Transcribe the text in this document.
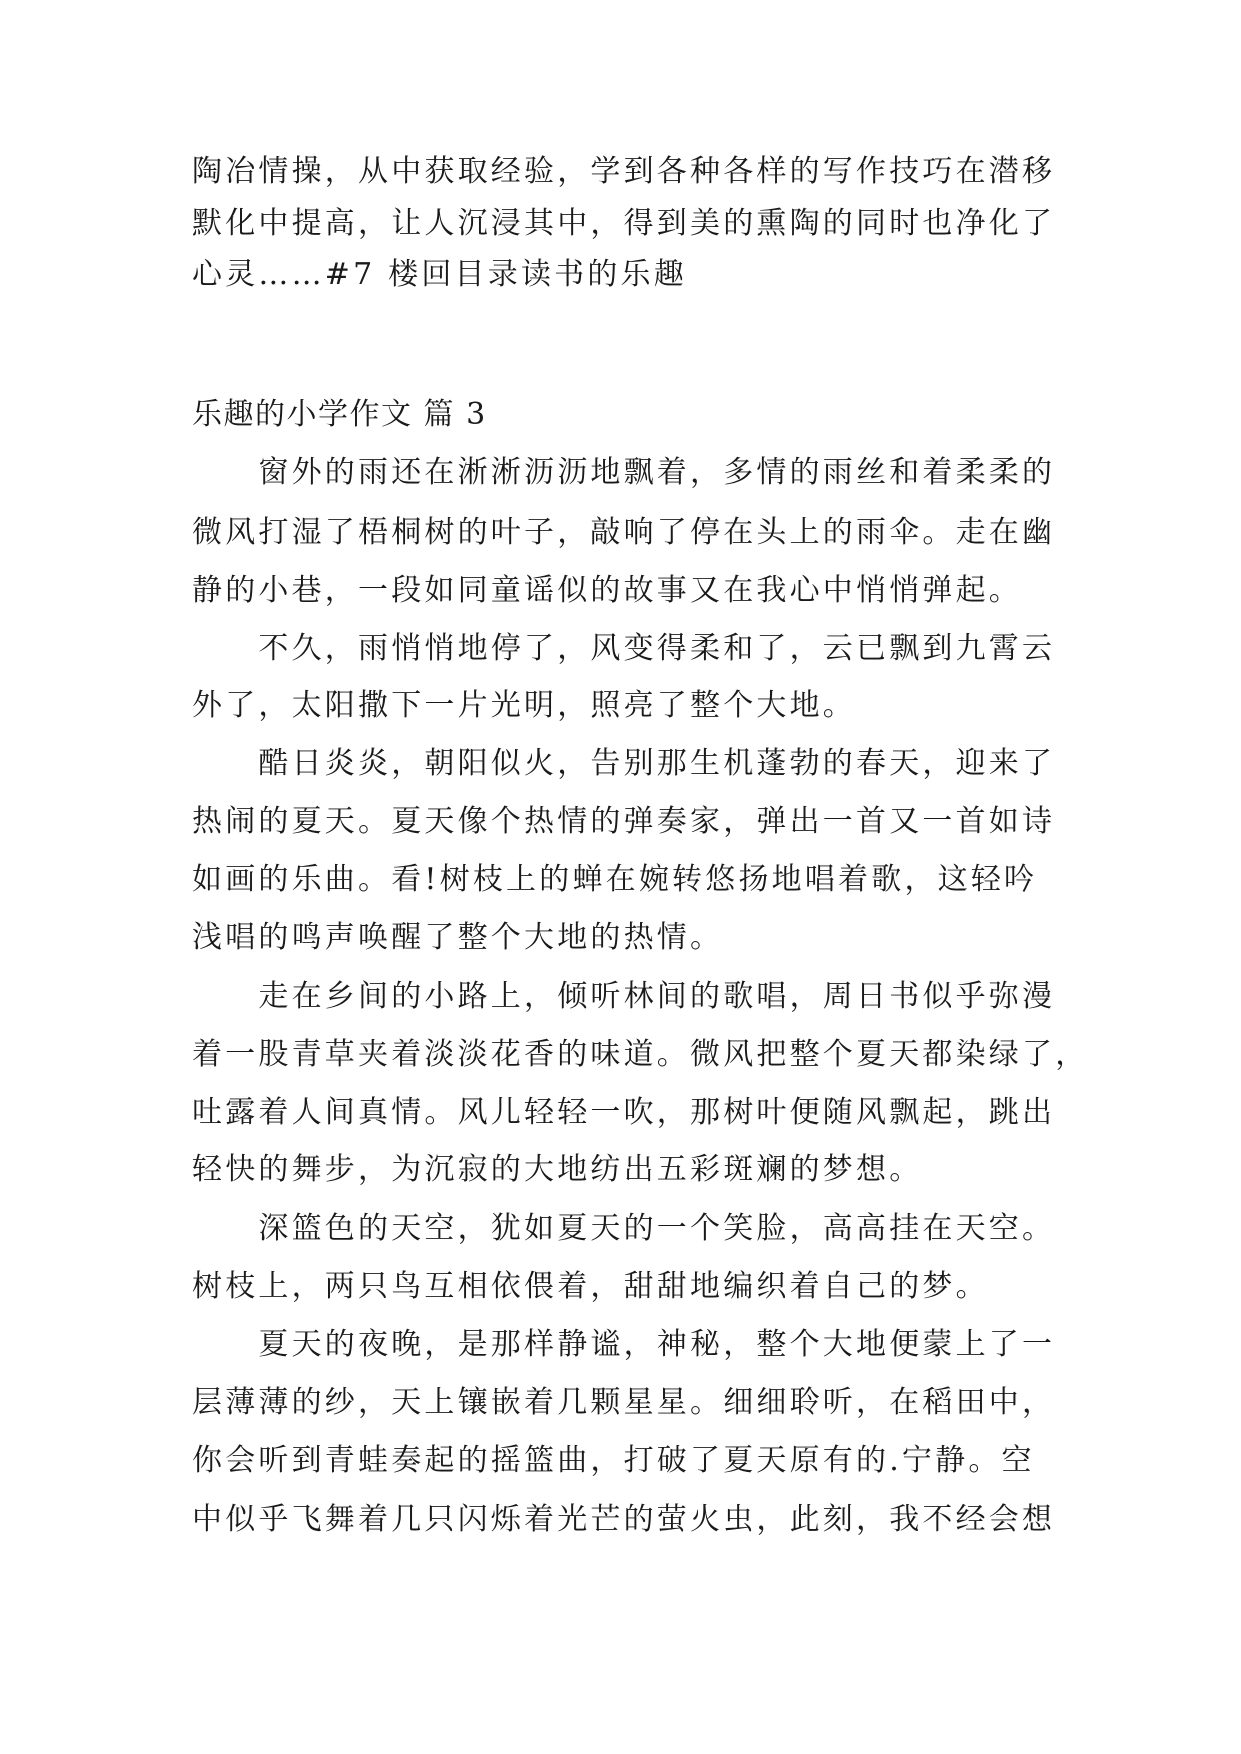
陶冶情操，从中获取经验，学到各种各样的写作技巧在潜移
默化中提高，让人沉浸其中，得到美的熏陶的同时也净化了
心灵……#7 楼回目录读书的乐趣
乐趣的小学作文 篇 3
　　窗外的雨还在淅淅沥沥地飘着，多情的雨丝和着柔柔的
微风打湿了梧桐树的叶子，敲响了停在头上的雨伞。走在幽
静的小巷，一段如同童谣似的故事又在我心中悄悄弹起。
　　不久，雨悄悄地停了，风变得柔和了，云已飘到九霄云
外了，太阳撒下一片光明，照亮了整个大地。
　　酷日炎炎，朝阳似火，告别那生机蓬勃的春天，迎来了
热闹的夏天。夏天像个热情的弹奏家，弹出一首又一首如诗
如画的乐曲。看!树枝上的蝉在婉转悠扬地唱着歌，这轻吟
浅唱的鸣声唤醒了整个大地的热情。
　　走在乡间的小路上，倾听林间的歌唱，周日书似乎弥漫
着一股青草夹着淡淡花香的味道。微风把整个夏天都染绿了，
吐露着人间真情。风儿轻轻一吹，那树叶便随风飘起，跳出
轻快的舞步，为沉寂的大地纺出五彩斑斓的梦想。
　　深篮色的天空，犹如夏天的一个笑脸，高高挂在天空。
树枝上，两只鸟互相依偎着，甜甜地编织着自己的梦。
　　夏天的夜晚，是那样静谧，神秘，整个大地便蒙上了一
层薄薄的纱，天上镶嵌着几颗星星。细细聆听，在稻田中，
你会听到青蛙奏起的摇篮曲，打破了夏天原有的.宁静。空
中似乎飞舞着几只闪烁着光芒的萤火虫，此刻，我不经会想
